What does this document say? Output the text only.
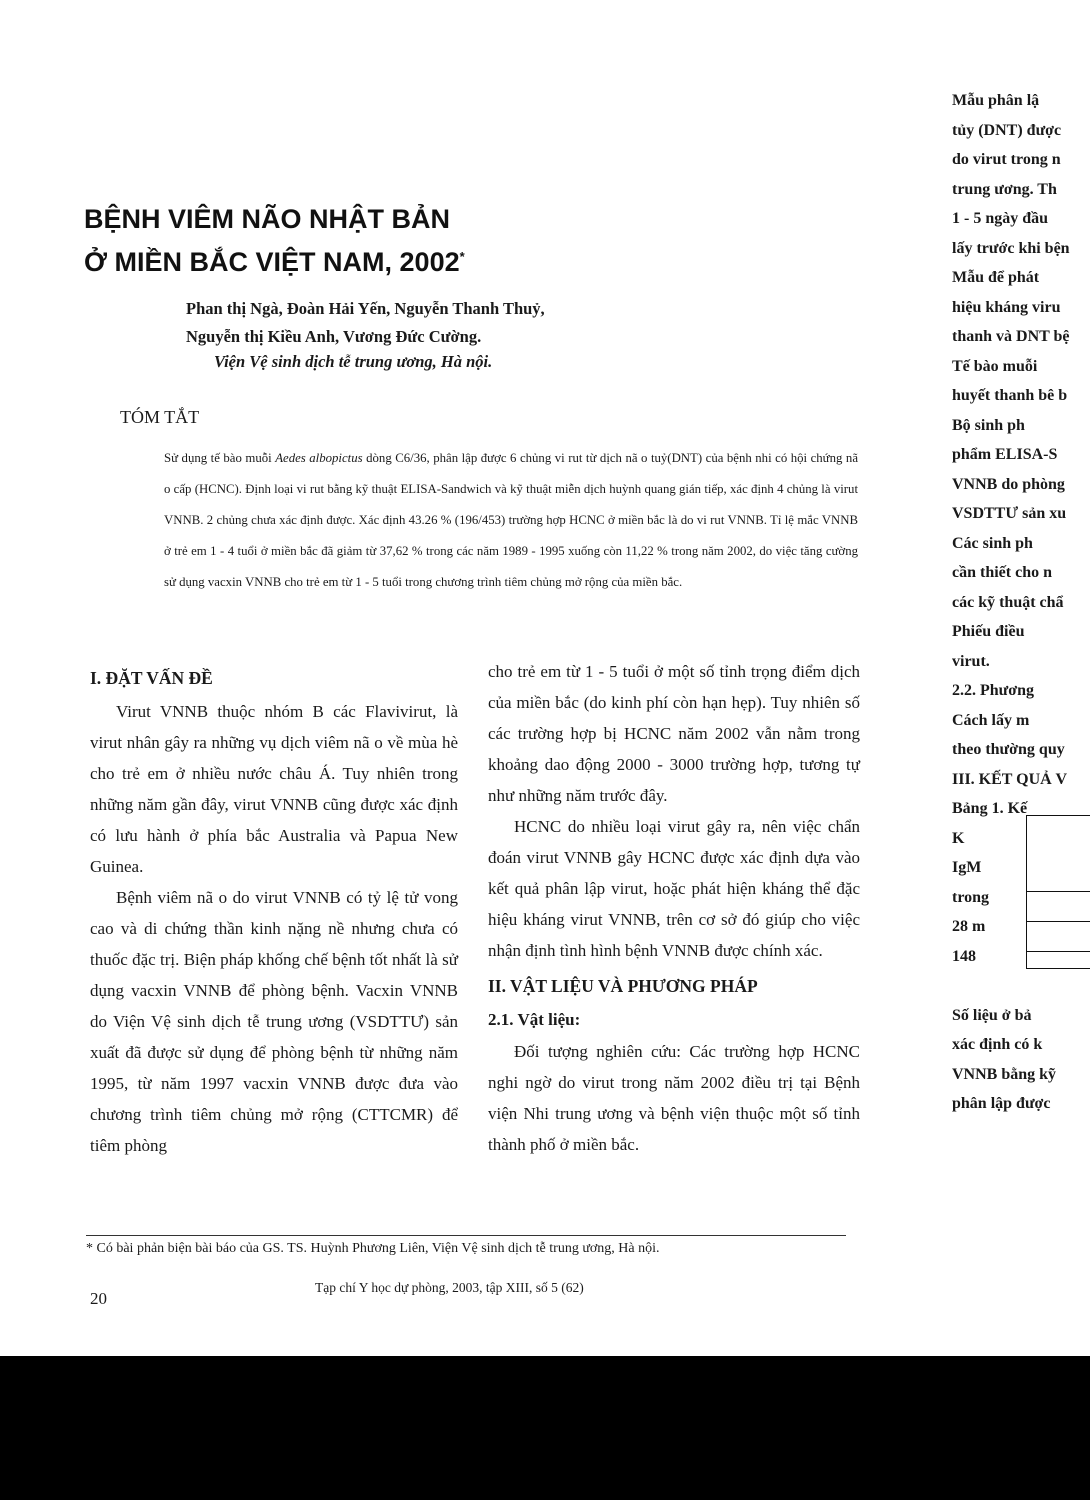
BỆNH VIÊM NÃO NHẬT BẢN
Ở MIỀN BẮC VIỆT NAM, 2002*
Phan thị Ngà, Đoàn Hải Yến, Nguyễn Thanh Thuỷ,
Nguyễn thị Kiều Anh, Vương Đức Cường.
Viện Vệ sinh dịch tễ trung ương, Hà nội.
TÓM TẮT

Sử dụng tế bào muỗi Aedes albopictus dòng C6/36, phân lập được 6 chủng vi rut từ dịch nã o tuỷ(DNT) của bệnh nhi có hội chứng nã o cấp (HCNC). Định loại vi rut bằng kỹ thuật ELISA-Sandwich và kỹ thuật miễn dịch huỳnh quang gián tiếp, xác định 4 chủng là virut VNNB. 2 chủng chưa xác định được. Xác định 43.26 % (196/453) trường hợp HCNC ở miền bắc là do vi rut VNNB. Tỉ lệ mắc VNNB ở trẻ em 1 - 4 tuổi ở miền bắc đã giảm từ 37,62 % trong các năm 1989 - 1995 xuống còn 11,22 % trong năm 2002, do việc tăng cường sử dụng vacxin VNNB cho trẻ em từ 1 - 5 tuổi trong chương trình tiêm chủng mở rộng của miền bắc.

I. ĐẶT VẤN ĐỀ

Virut VNNB thuộc nhóm B các Flavivirut, là virut nhân gây ra những vụ dịch viêm nã o về mùa hè cho trẻ em ở nhiều nước châu Á. Tuy nhiên trong những năm gần đây, virut VNNB cũng được xác định có lưu hành ở phía bắc Australia và Papua New Guinea.

Bệnh viêm nã o do virut VNNB có tỷ lệ tử vong cao và di chứng thần kinh nặng nề nhưng chưa có thuốc đặc trị. Biện pháp khống chế bệnh tốt nhất là sử dụng vacxin VNNB để phòng bệnh. Vacxin VNNB do Viện Vệ sinh dịch tễ trung ương (VSDTTƯ) sản xuất đã được sử dụng để phòng bệnh từ những năm 1995, từ năm 1997 vacxin VNNB được đưa vào chương trình tiêm chủng mở rộng (CTTCMR) để tiêm phòng

cho trẻ em từ 1 - 5 tuổi ở một số tỉnh trọng điểm dịch của miền bắc (do kinh phí còn hạn hẹp). Tuy nhiên số các trường hợp bị HCNC năm 2002 vẫn nằm trong khoảng dao động 2000 - 3000 trường hợp, tương tự như những năm trước đây.

HCNC do nhiều loại virut gây ra, nên việc chẩn đoán virut VNNB gây HCNC được xác định dựa vào kết quả phân lập virut, hoặc phát hiện kháng thể đặc hiệu kháng virut VNNB, trên cơ sở đó giúp cho việc nhận định tình hình bệnh VNNB được chính xác.

II. VẬT LIỆU VÀ PHƯƠNG PHÁP
2.1. Vật liệu:

Đối tượng nghiên cứu: Các trường hợp HCNC nghi ngờ do virut trong năm 2002 điều trị tại Bệnh viện Nhi trung ương và bệnh viện thuộc một số tỉnh thành phố ở miền bắc.

* Có bài phản biện bài báo của GS. TS. Huỳnh Phương Liên, Viện Vệ sinh dịch tễ trung ương, Hà nội.
20
Tạp chí Y học dự phòng, 2003, tập XIII, số 5 (62)
Mẫu phân lậ
tủy (DNT) được
do virut trong n
trung ương. Th
1 - 5 ngày đầu
lấy trước khi bện
Mẫu để phát
hiệu kháng viru
thanh và DNT bệ
Tế bào muỗi
huyết thanh bê b
Bộ sinh ph
phẩm ELISA-S
VNNB do phòng
VSDTTƯ sản xu
Các sinh ph
cần thiết cho n
các kỹ thuật chẩ
Phiếu điều
virut.
2.2. Phương
Cách lấy m
theo thường quy
III. KẾT QUẢ V
Bảng 1. Kế
K
IgM
trong
28 m
148

Số liệu ở bả
xác định có k
VNNB bằng kỹ
phân lập được
